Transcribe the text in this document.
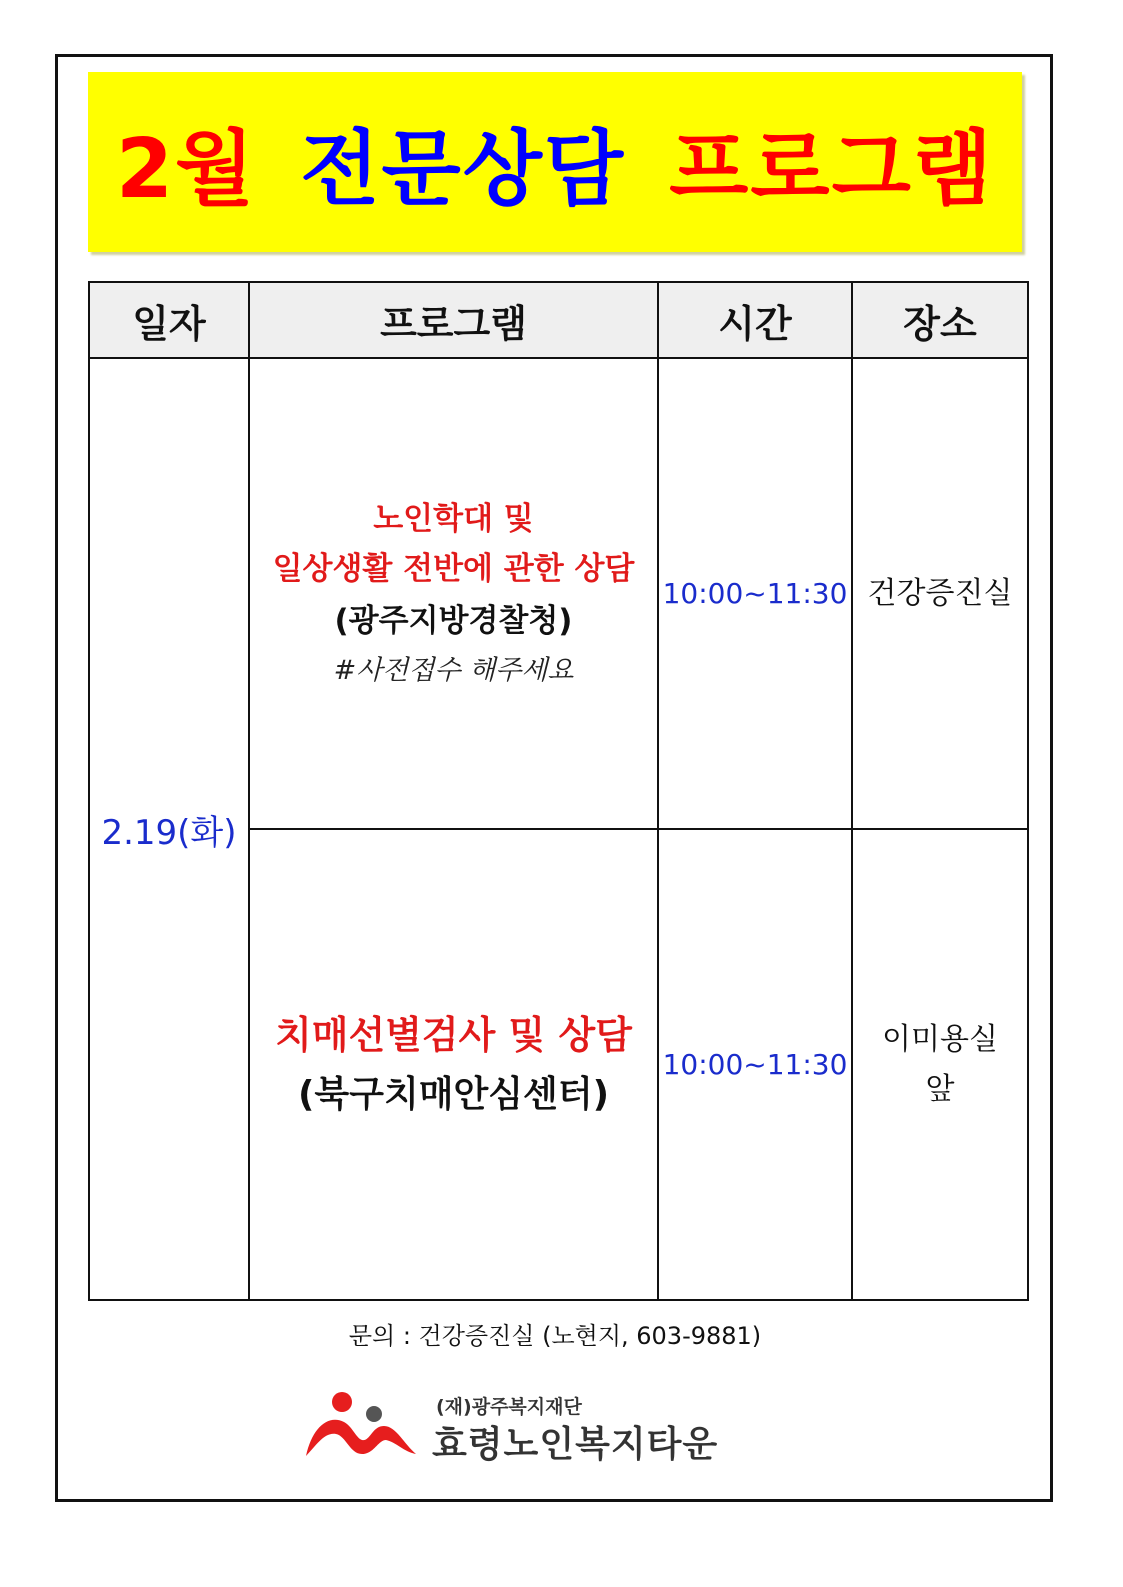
2월 전문상담 프로그램
일자	프로그램	시간	장소
2.19(화)	노인학대 및
일상생활 전반에 관한 상담
(광주지방경찰청)
#사전접수 해주세요	10:00~11:30	건강증진실

	치매선별검사 및 상담
(북구치매안심센터)	10:00~11:30	이미용실
앞
문의 : 건강증진실 (노현지, 603-9881)
(재)광주복지재단
효령노인복지타운
